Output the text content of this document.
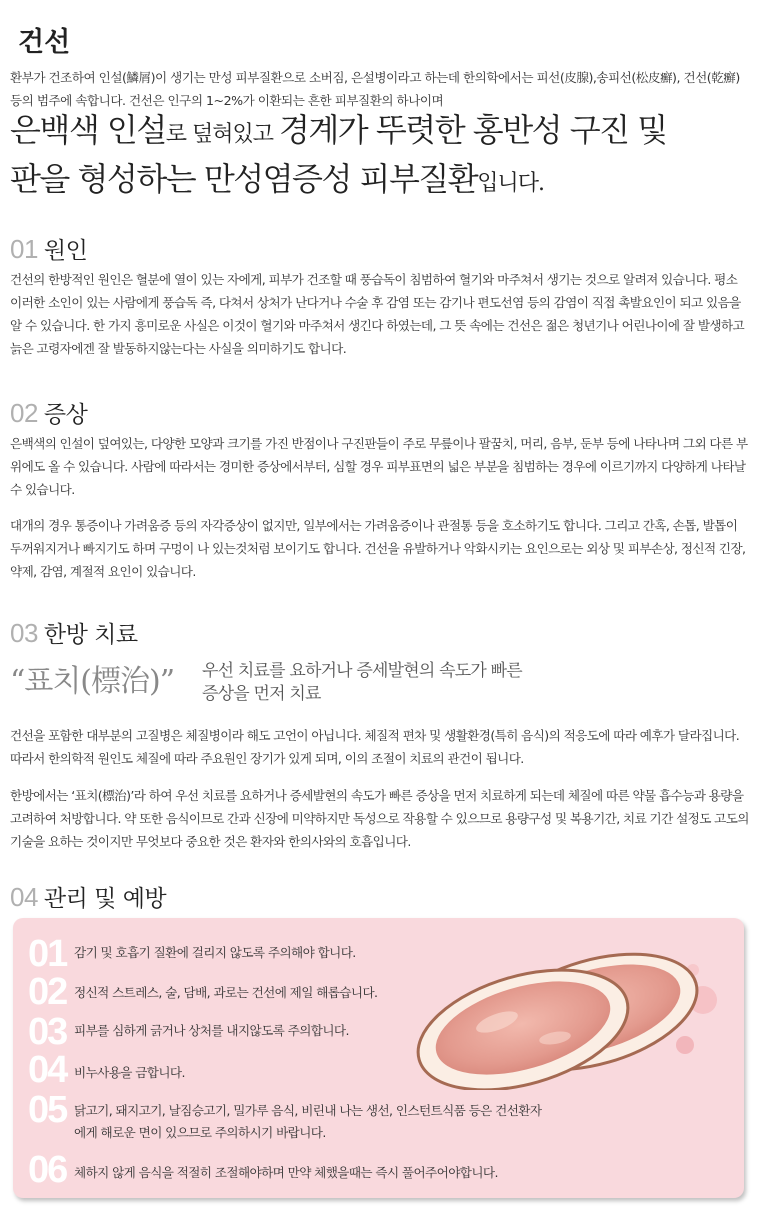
건선
환부가 건조하여 인설(鱗屑)이 생기는 만성 피부질환으로 소버짐, 은설병이라고 하는데 한의학에서는 피선(皮腺),송피선(松皮癬), 건선(乾癬) 등의 범주에 속합니다. 건선은 인구의 1~2%가 이환되는 흔한 피부질환의 하나이며
은백색 인설로 덮혀있고 경계가 뚜렷한 홍반성 구진 및
판을 형성하는 만성염증성 피부질환입니다.
01 원인
건선의 한방적인 원인은 혈분에 열이 있는 자에게, 피부가 건조할 때 풍습독이 침범하여 혈기와 마주쳐서 생기는 것으로 알려져 있습니다. 평소 이러한 소인이 있는 사람에게 풍습독 즉, 다쳐서 상처가 난다거나 수술 후 감염 또는 감기나 편도선염 등의 감염이 직접 촉발요인이 되고 있음을 알 수 있습니다. 한 가지 흥미로운 사실은 이것이 혈기와 마주쳐서 생긴다 하였는데, 그 뜻 속에는 건선은 젊은 청년기나 어린나이에 잘 발생하고 늙은 고령자에겐 잘 발동하지않는다는 사실을 의미하기도 합니다.
02 증상
은백색의 인설이 덮여있는, 다양한 모양과 크기를 가진 반점이나 구진판들이 주로 무릎이나 팔꿈치, 머리, 음부, 둔부 등에 나타나며 그외 다른 부위에도 올 수 있습니다. 사람에 따라서는 경미한 증상에서부터, 심할 경우 피부표면의 넓은 부분을 침범하는 경우에 이르기까지 다양하게 나타날 수 있습니다.
대개의 경우 통증이나 가려움증 등의 자각증상이 없지만, 일부에서는 가려움증이나 관절통 등을 호소하기도 합니다. 그리고 간혹, 손톱, 발톱이 두꺼워지거나 빠지기도 하며 구멍이 나 있는것처럼 보이기도 합니다. 건선을 유발하거나 악화시키는 요인으로는 외상 및 피부손상, 정신적 긴장, 약제, 감염, 계절적 요인이 있습니다.
03 한방 치료
“표치(標治)” 우선 치료를 요하거나 증세발현의 속도가 빠른 증상을 먼저 치료
건선을 포함한 대부분의 고질병은 체질병이라 해도 고언이 아닙니다. 체질적 편차 및 생활환경(특히 음식)의 적응도에 따라 예후가 달라집니다. 따라서 한의학적 원인도 체질에 따라 주요원인 장기가 있게 되며, 이의 조절이 치료의 관건이 됩니다.
한방에서는 ‘표치(標治)’라 하여 우선 치료를 요하거나 증세발현의 속도가 빠른 증상을 먼저 치료하게 되는데 체질에 따른 약물 흡수능과 용량을 고려하여 처방합니다. 약 또한 음식이므로 간과 신장에 미약하지만 독성으로 작용할 수 있으므로 용량구성 및 복용기간, 치료 기간 설정도 고도의 기술을 요하는 것이지만 무엇보다 중요한 것은 환자와 한의사와의 호흡입니다.
04 관리 및 예방
01 감기 및 호흡기 질환에 걸리지 않도록 주의해야 합니다.
02 정신적 스트레스, 술, 담배, 과로는 건선에 제일 해롭습니다.
03 피부를 심하게 긁거나 상처를 내지않도록 주의합니다.
04 비누사용을 금합니다.
05 닭고기, 돼지고기, 날짐승고기, 밀가루 음식, 비린내 나는 생선, 인스턴트식품 등은 건선환자에게 해로운 면이 있으므로 주의하시기 바랍니다.
06 체하지 않게 음식을 적절히 조절해야하며 만약 체했을때는 즉시 풀어주어야합니다.
